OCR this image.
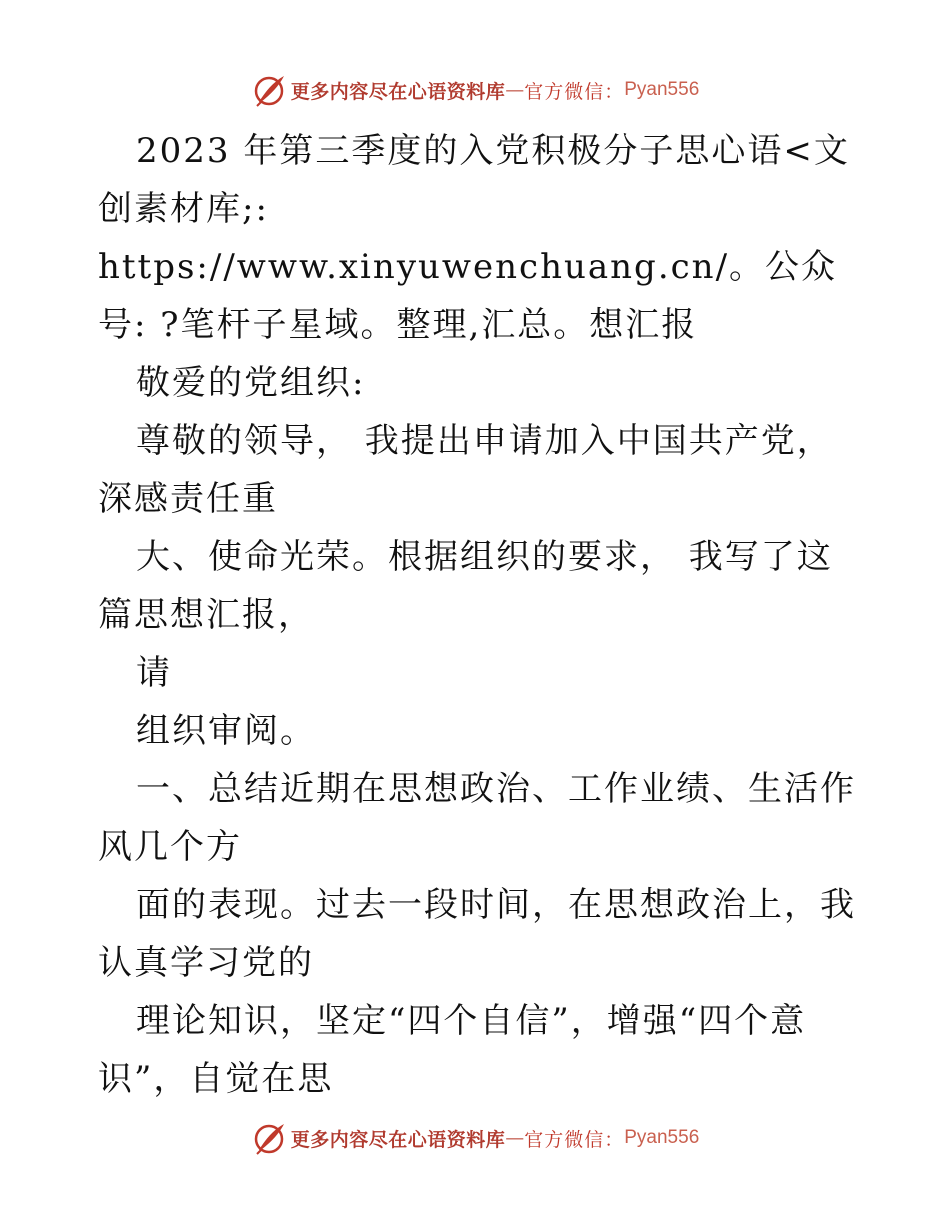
更多内容尽在心语资料库 — 官方微信： Pyan556

2023 年第三季度的入党积极分子思心语<文创素材库;: https://www.xinyuwenchuang.cn/。公众号: ?笔杆子星域。整理,汇总。想汇报

敬爱的党组织:

尊敬的领导， 我提出申请加入中国共产党，深感责任重

大、使命光荣。根据组织的要求， 我写了这篇思想汇报，

请

组织审阅。

一、总结近期在思想政治、工作业绩、生活作风几个方

面的表现。过去一段时间，在思想政治上，我认真学习党的

理论知识，坚定“四个自信”，增强“四个意识”，自觉在思

更多内容尽在心语资料库 — 官方微信： Pyan556
